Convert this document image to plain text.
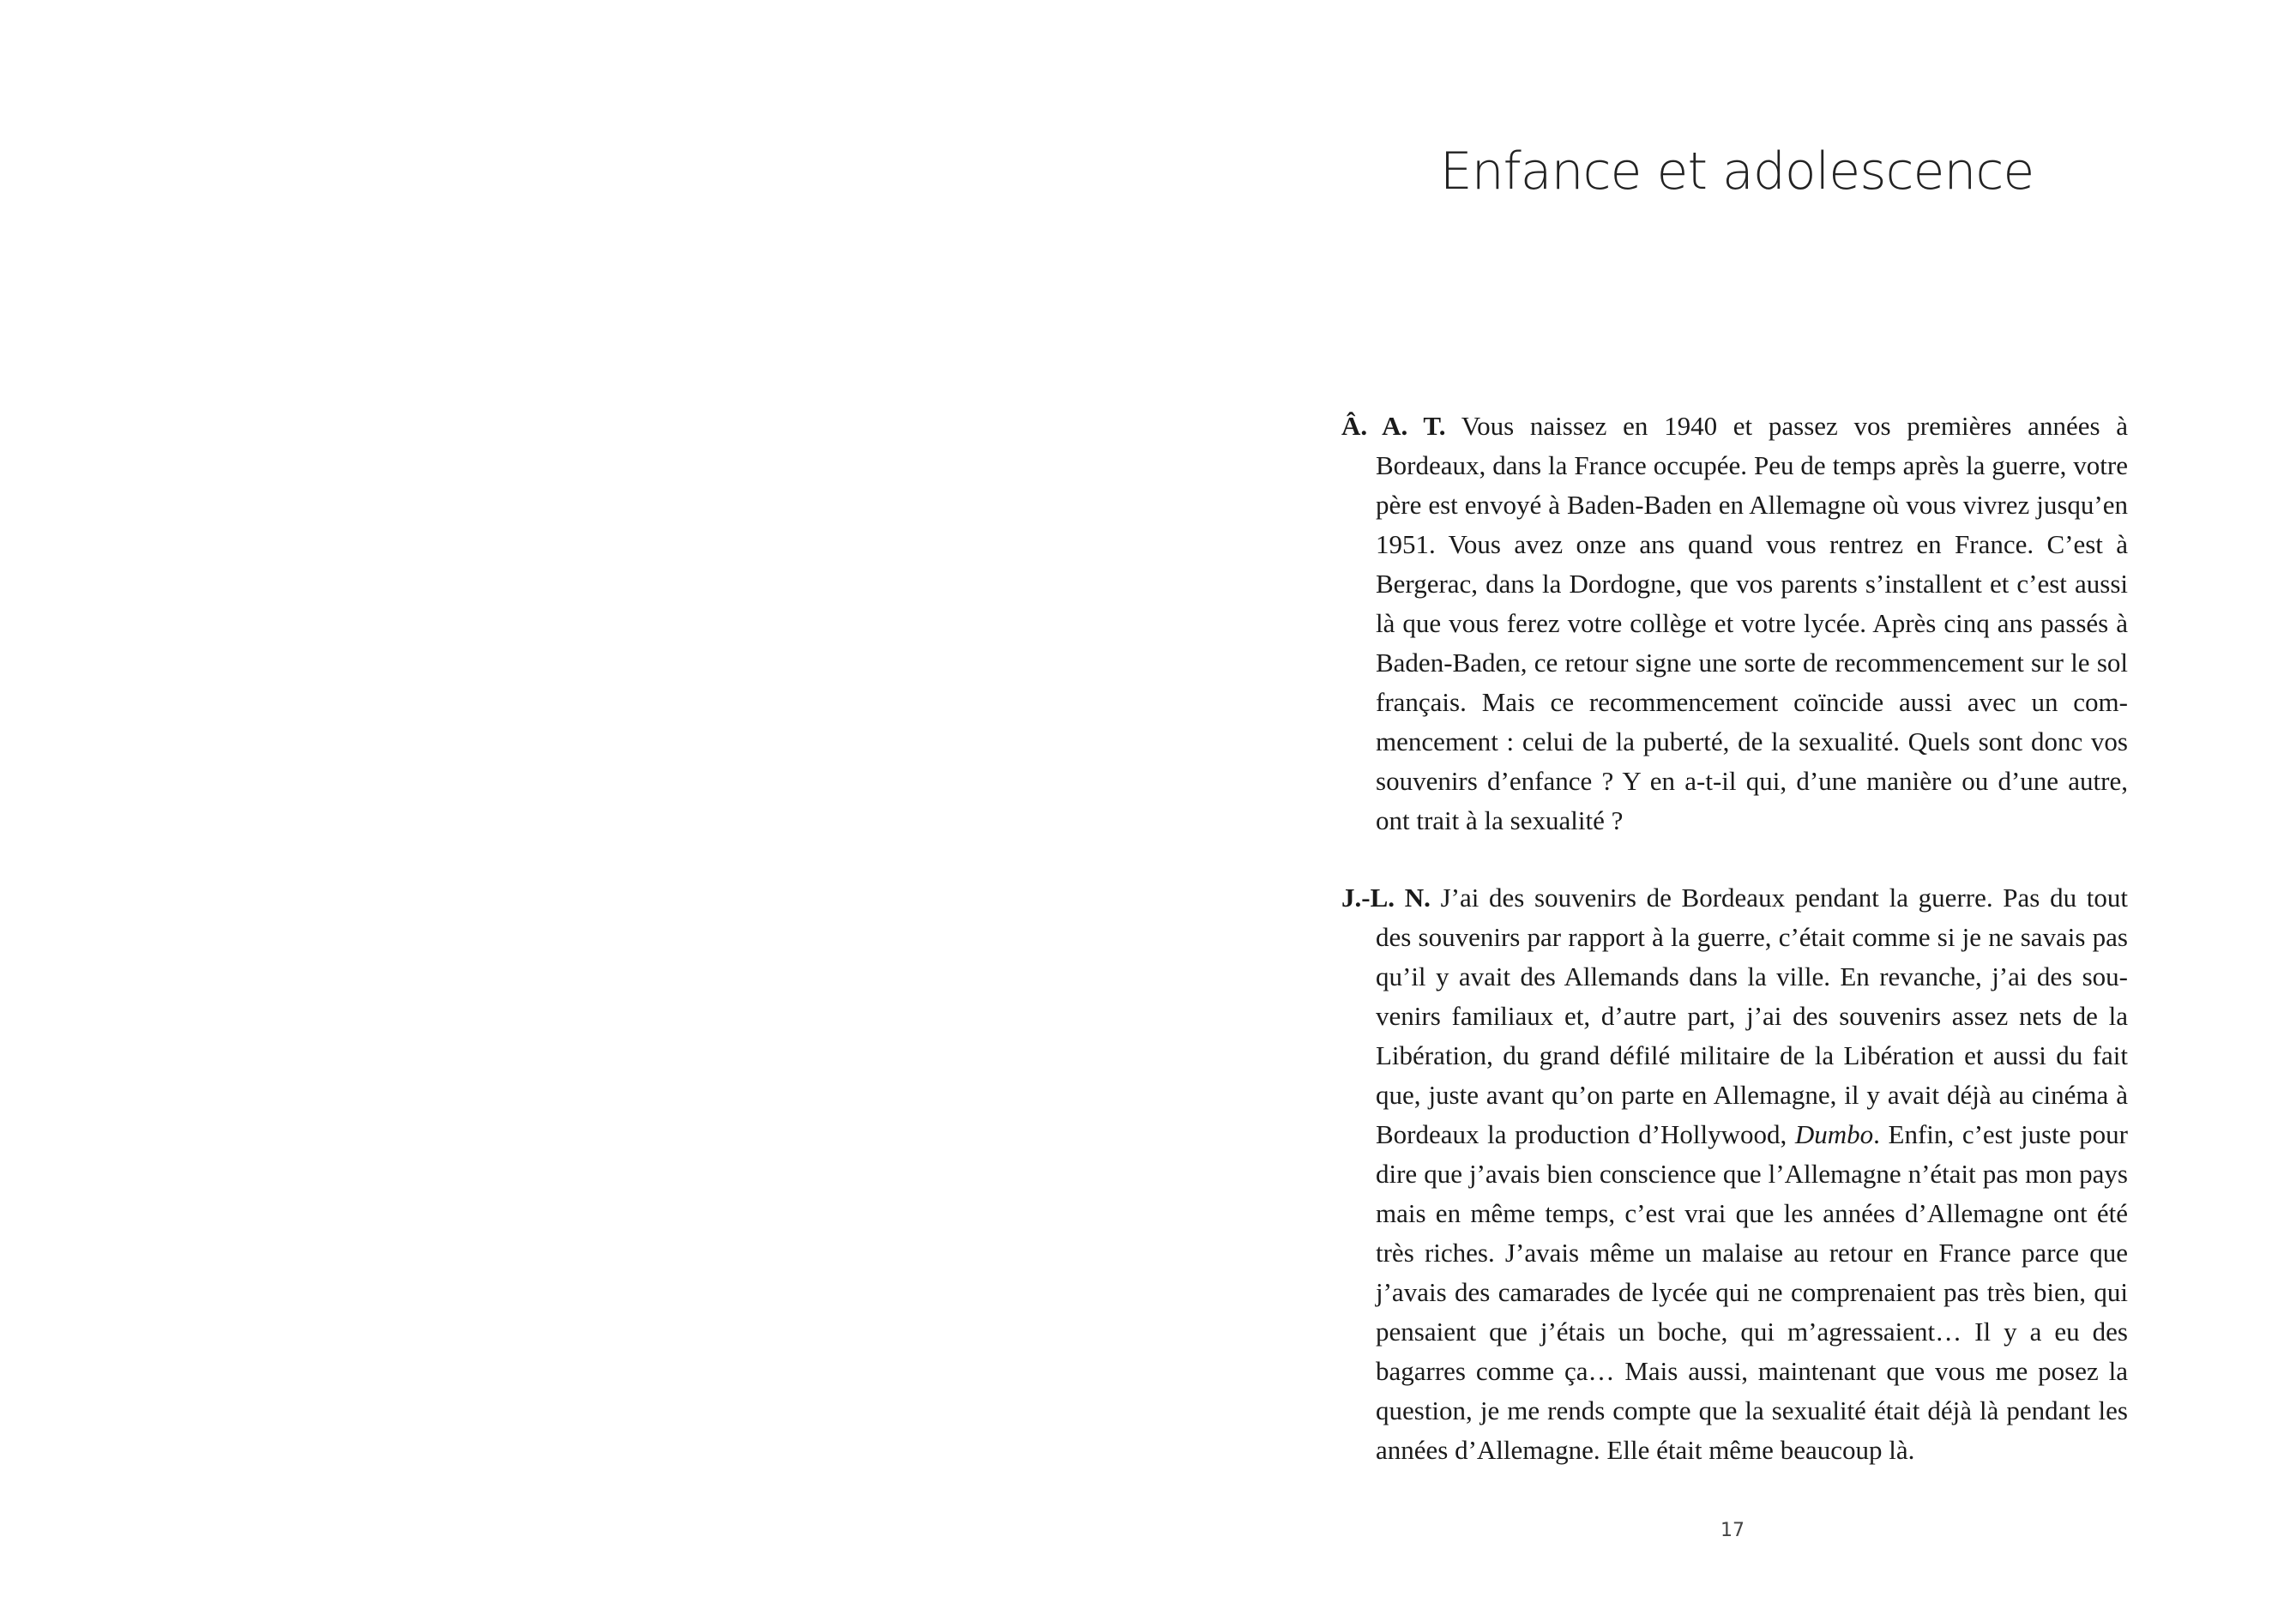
Enfance et adolescence

Â. A. T. Vous naissez en 1940 et passez vos premières années à Bordeaux, dans la France occupée. Peu de temps après la guerre, votre père est envoyé à Baden-Baden en Allemagne où vous vivrez jusqu’en 1951. Vous avez onze ans quand vous rentrez en France. C’est à Bergerac, dans la Dordogne, que vos parents s’installent et c’est aussi là que vous ferez votre collège et votre lycée. Après cinq ans passés à Baden-Baden, ce retour signe une sorte de recommencement sur le sol français. Mais ce recommencement coïncide aussi avec un commencement : celui de la puberté, de la sexualité. Quels sont donc vos souvenirs d’enfance ? Y en a-t-il qui, d’une manière ou d’une autre, ont trait à la sexualité ?

J.-L. N. J’ai des souvenirs de Bordeaux pendant la guerre. Pas du tout des souvenirs par rapport à la guerre, c’était comme si je ne savais pas qu’il y avait des Allemands dans la ville. En revanche, j’ai des souvenirs familiaux et, d’autre part, j’ai des souvenirs assez nets de la Libération, du grand défilé militaire de la Libération et aussi du fait que, juste avant qu’on parte en Allemagne, il y avait déjà au cinéma à Bordeaux la production d’Hollywood, Dumbo. Enfin, c’est juste pour dire que j’avais bien conscience que l’Allemagne n’était pas mon pays mais en même temps, c’est vrai que les années d’Allemagne ont été très riches. J’avais même un malaise au retour en France parce que j’avais des camarades de lycée qui ne comprenaient pas très bien, qui pensaient que j’étais un boche, qui m’agressaient… Il y a eu des bagarres comme ça… Mais aussi, maintenant que vous me posez la question, je me rends compte que la sexualité était déjà là pendant les années d’Allemagne. Elle était même beaucoup là.

17
